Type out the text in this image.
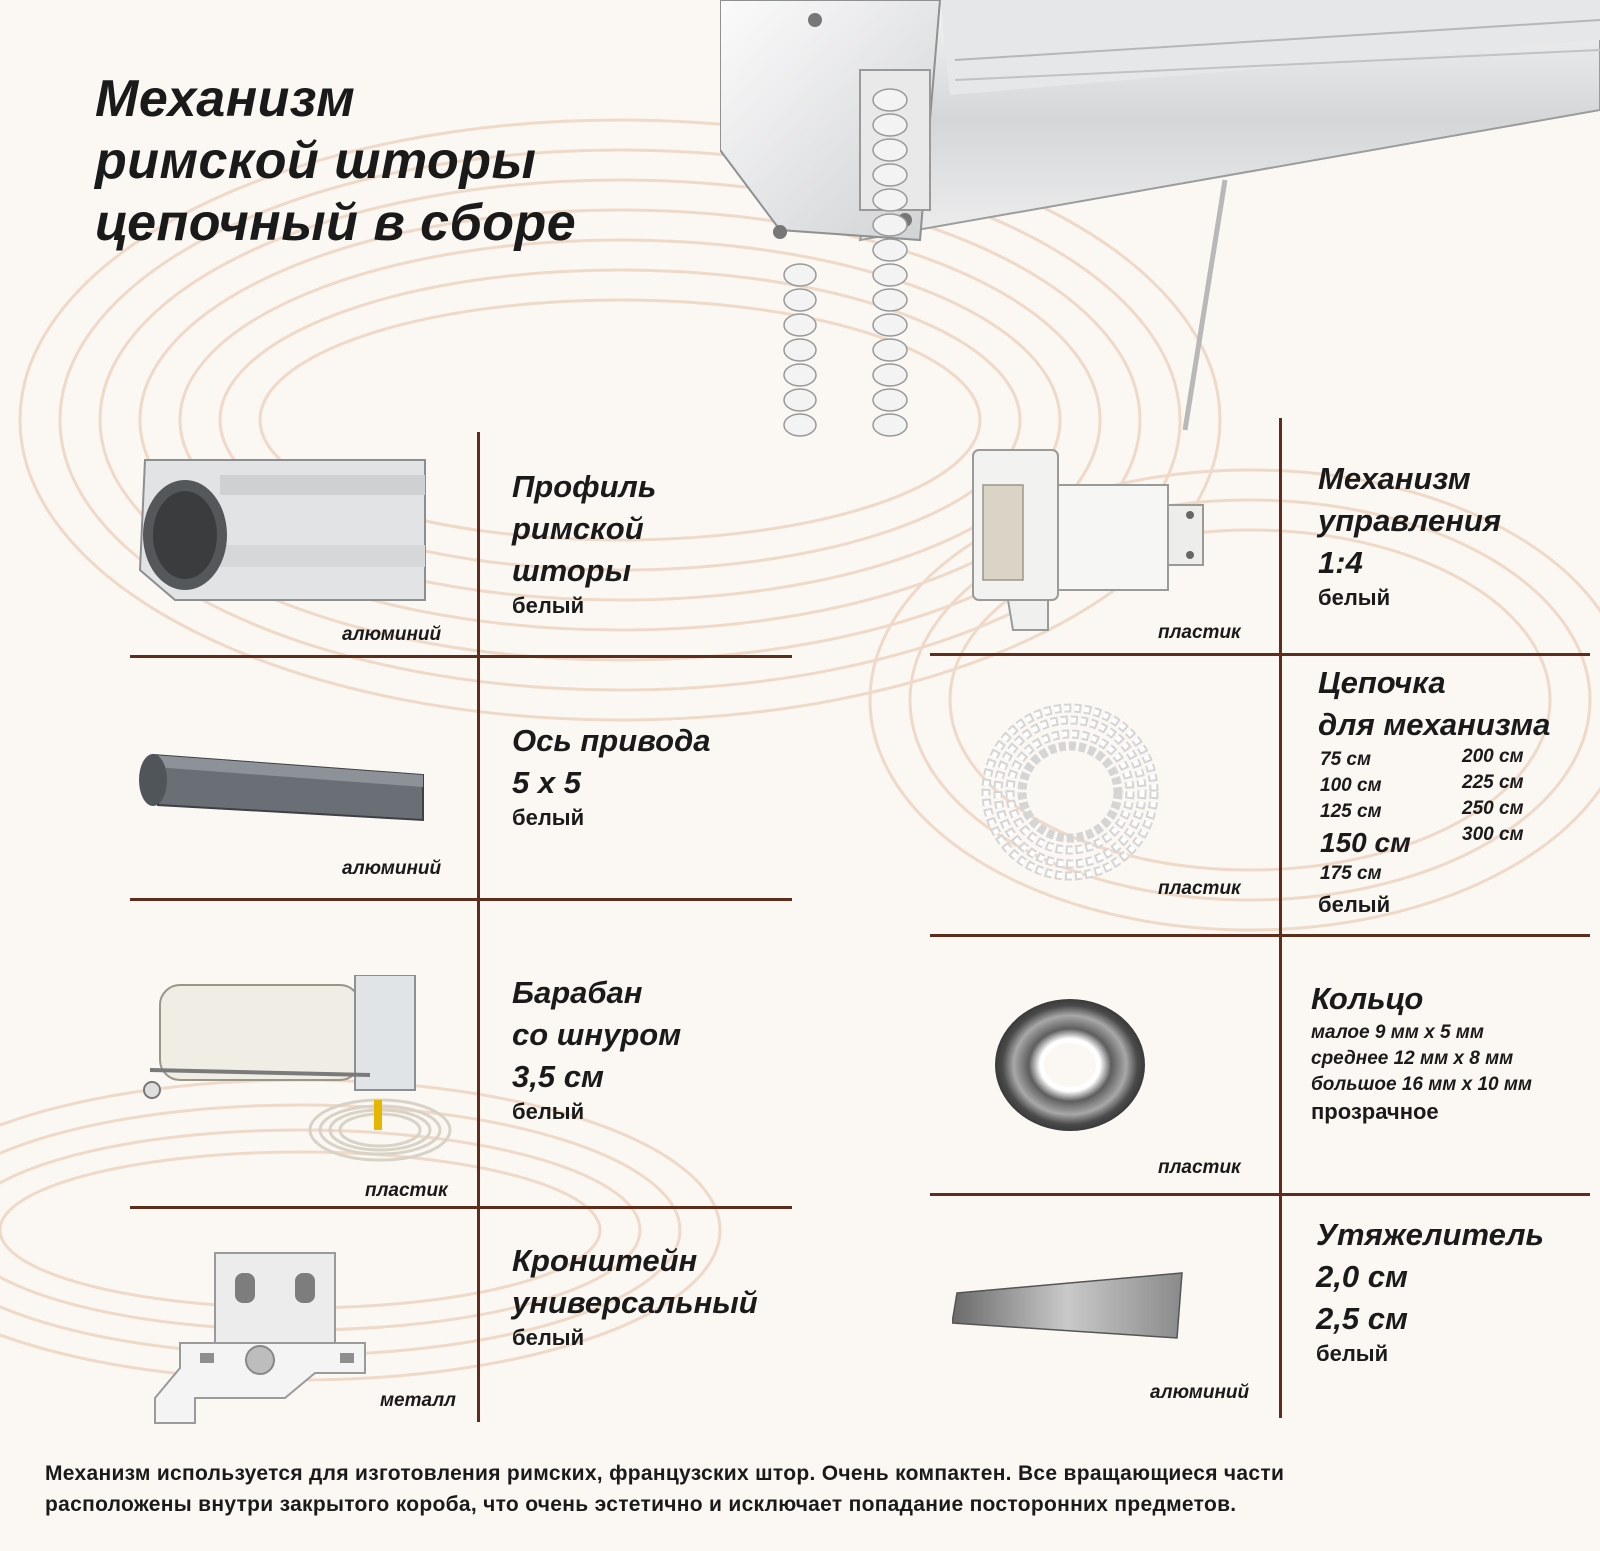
Механизм
римской шторы
цепочный в сборе
алюминий
Профиль
римской
шторы
белый
алюминий
Ось привода
5 x 5
белый
пластик
Барабан
со шнуром
3,5 см
белый
металл
Кронштейн
универсальный
белый
пластик
Механизм
управления
1:4
белый
пластик
Цепочка
для механизма
75 см
100 см
125 см
150 см
175 см
200 см
225 см
250 см
300 см
белый
пластик
Кольцо
малое 9 мм x 5 мм
среднее 12 мм x 8 мм
большое 16 мм x 10 мм
прозрачное
алюминий
Утяжелитель
2,0 см
2,5 см
белый

Механизм используется для изготовления римских, французских штор. Очень компактен. Все вращающиеся части
расположены внутри закрытого короба, что очень эстетично и исключает попадание посторонних предметов.
